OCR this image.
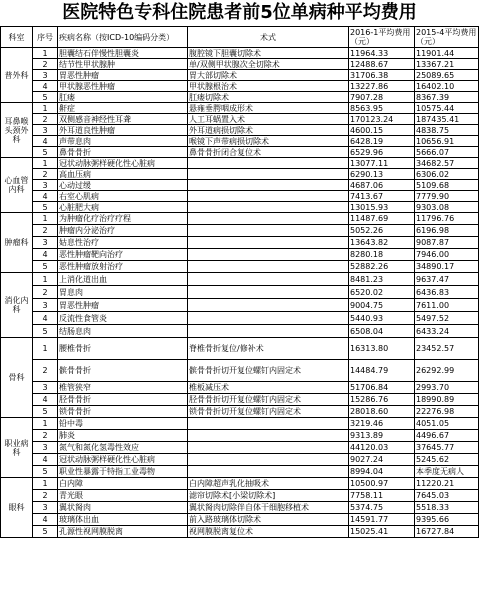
医院特色专科住院患者前5位单病种平均费用
科室	序号	疾病名称（按ICD-10编码分类）	术式	2016-1平均费用（元）	2015-4平均费用（元）
普外科	1	胆囊结石伴慢性胆囊炎	腹腔镜下胆囊切除术	11964.33	11901.44
	2	结节性甲状腺肿	单/双侧甲状腺次全切除术	12488.67	13367.21
	3	胃恶性肿瘤	胃大部切除术	31706.38	25089.65
	4	甲状腺恶性肿瘤	甲状腺根治术	13227.86	16402.10
	5	肛瘘	肛瘘切除术	7907.28	8367.39
耳鼻喉头颈外科	1	鼾症	悬雍垂腭咽成形术	8563.95	10575.44
	2	双侧感音神经性耳聋	人工耳蜗置入术	170123.24	187435.41
	3	外耳道良性肿瘤	外耳道病损切除术	4600.15	4838.75
	4	声带息肉	喉镜下声带病损切除术	6428.19	10656.91
	5	鼻骨骨折	鼻骨骨折闭合复位术	6529.96	5666.07
心血管内科	1	冠状动脉粥样硬化性心脏病		13077.11	34682.57
	2	高血压病		6290.13	6306.02
	3	心动过缓		4687.06	5109.68
	4	右室心肌病		7413.67	7779.90
	5	心脏肥大病		13015.93	9303.08
肿瘤科	1	为肿瘤化疗治疗疗程		11487.69	11796.76
	2	肿瘤内分泌治疗		5052.26	6196.98
	3	姑息性治疗		13643.82	9087.87
	4	恶性肿瘤靶向治疗		8280.18	7946.00
	5	恶性肿瘤放射治疗		52882.26	34890.17
消化内科	1	上消化道出血		8481.23	9637.47
	2	胃息肉		6520.02	6436.83
	3	胃恶性肿瘤		9004.75	7611.00
	4	反流性食管炎		5440.93	5497.52
	5	结肠息肉		6508.04	6433.24
骨科	1	腰椎骨折	脊椎骨折复位/修补术	16313.80	23452.57
	2	髌骨骨折	髌骨骨折切开复位螺钉内固定术	14484.79	26292.99
	3	椎管狭窄	椎板减压术	51706.84	2993.70
	4	胫骨骨折	胫骨骨折切开复位螺钉内固定术	15286.76	18990.89
	5	锁骨骨折	锁骨骨折切开复位螺钉内固定术	28018.60	22276.98
职业病科	1	铅中毒		3219.46	4051.05
	2	肺炎		9313.89	4496.67
	3	氮气和氮化氢毒性效应		44120.03	37645.77
	4	冠状动脉粥样硬化性心脏病		9027.24	5245.62
	5	职业性暴露于特指工业毒物		8994.04	本季度无病人
眼科	1	白内障	白内障超声乳化抽吸术	10500.97	11220.21
	2	青光眼	滤帘切除术[小梁切除术]	7758.11	7645.03
	3	翼状胬肉	翼状胬肉切除伴自体干细胞移植术	5374.75	5518.33
	4	玻璃体出血	前入路玻璃体切除术	14591.77	9395.66
	5	孔源性视网膜脱离	视网膜脱离复位术	15025.41	16727.84
